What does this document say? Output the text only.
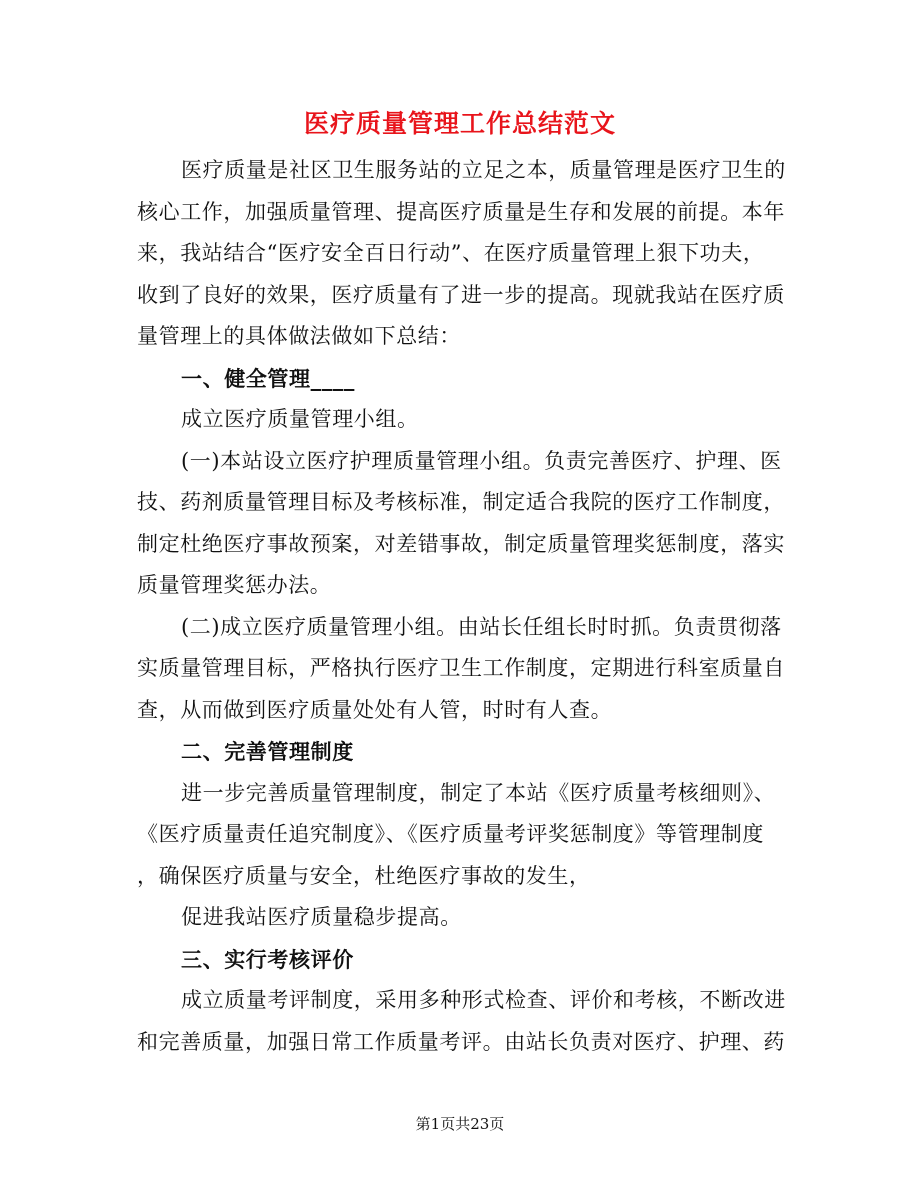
医疗质量管理工作总结范文
医疗质量是社区卫生服务站的立足之本，质量管理是医疗卫生的
核心工作，加强质量管理、提高医疗质量是生存和发展的前提。本年
来，我站结合“医疗安全百日行动”、在医疗质量管理上狠下功夫，
收到了良好的效果，医疗质量有了进一步的提高。现就我站在医疗质
量管理上的具体做法做如下总结：
一、健全管理____
成立医疗质量管理小组。
(一)本站设立医疗护理质量管理小组。负责完善医疗、护理、医
技、药剂质量管理目标及考核标准，制定适合我院的医疗工作制度，
制定杜绝医疗事故预案，对差错事故，制定质量管理奖惩制度，落实
质量管理奖惩办法。
(二)成立医疗质量管理小组。由站长任组长时时抓。负责贯彻落
实质量管理目标，严格执行医疗卫生工作制度，定期进行科室质量自
查，从而做到医疗质量处处有人管，时时有人查。
二、完善管理制度
进一步完善质量管理制度，制定了本站《医疗质量考核细则》、
《医疗质量责任追究制度》、《医疗质量考评奖惩制度》等管理制度
，确保医疗质量与安全，杜绝医疗事故的发生，
促进我站医疗质量稳步提高。
三、实行考核评价
成立质量考评制度，采用多种形式检查、评价和考核，不断改进
和完善质量，加强日常工作质量考评。由站长负责对医疗、护理、药
第1页共23页
